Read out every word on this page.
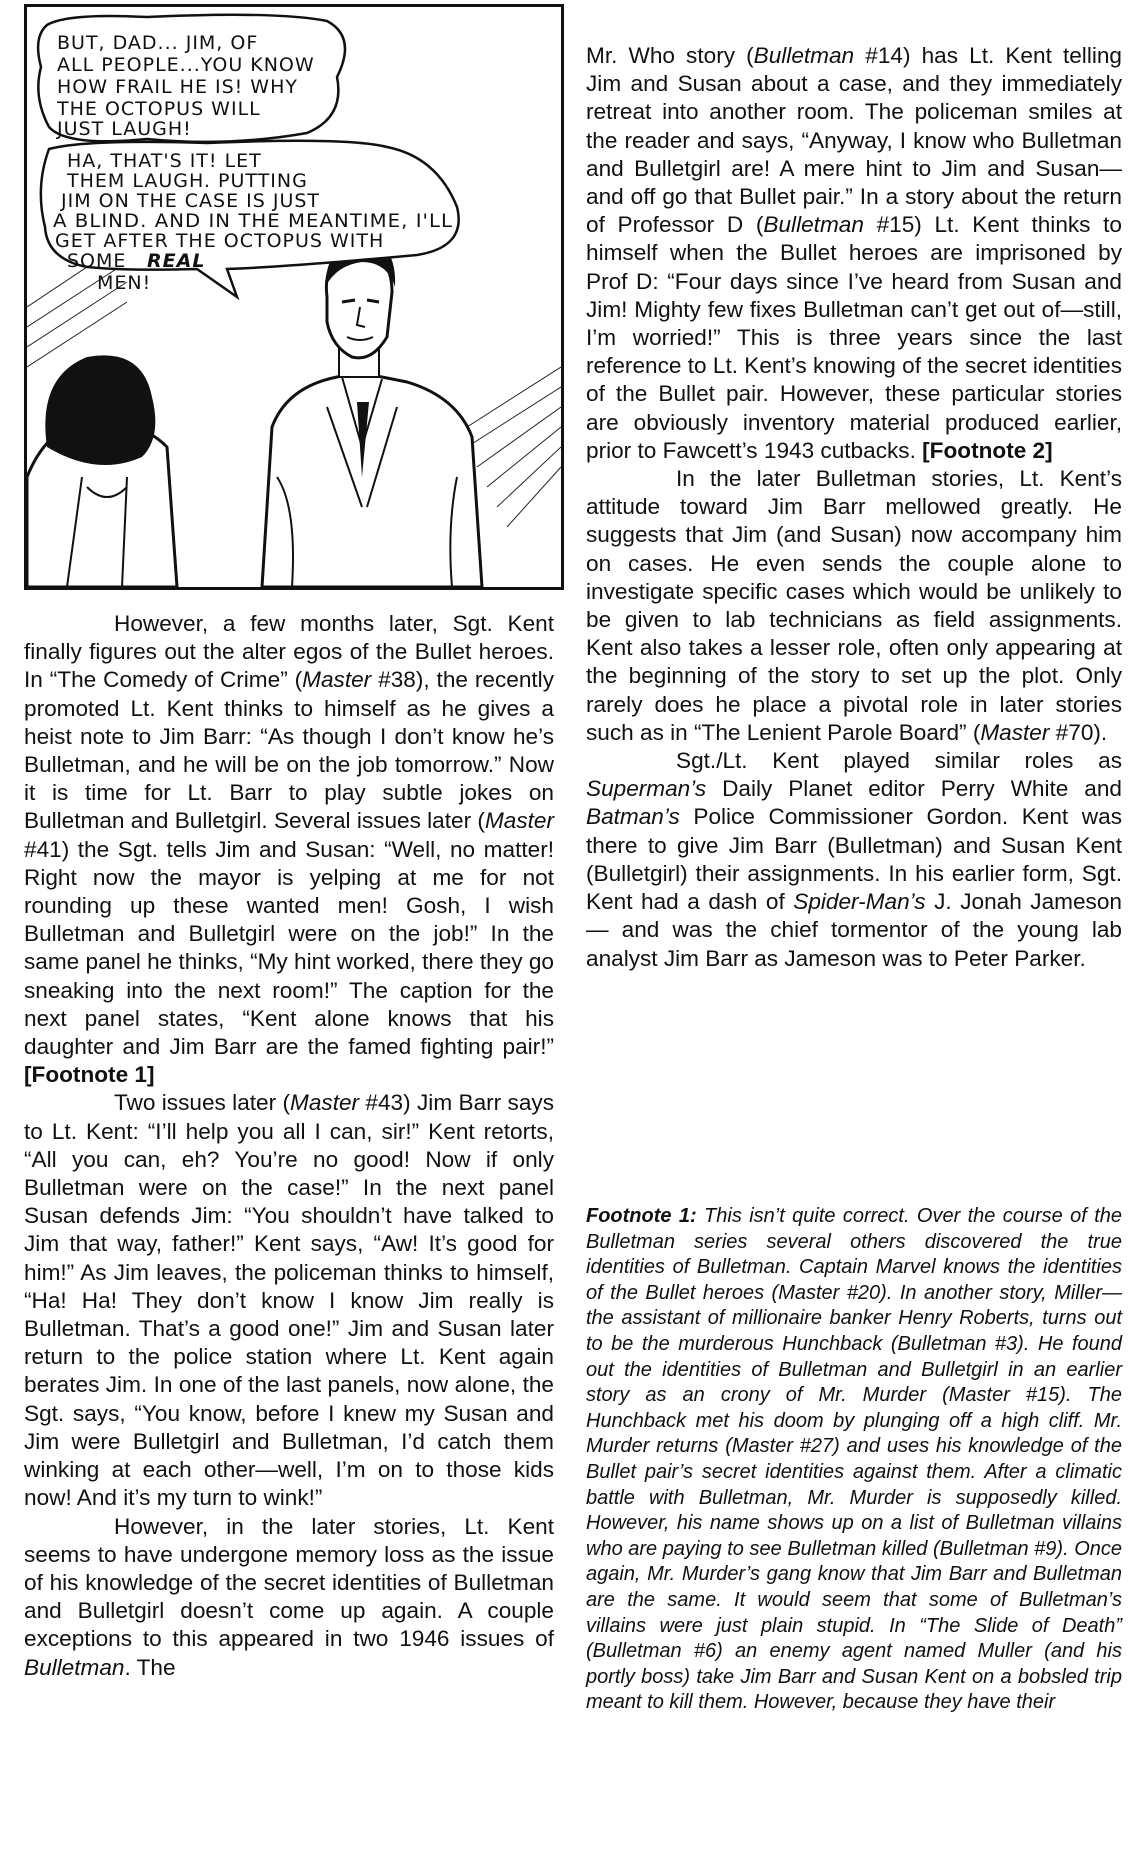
BUT, DAD... JIM, OF ALL PEOPLE...YOU KNOW HOW FRAIL HE IS! WHY THE OCTOPUS WILL JUST LAUGH!
HA, THAT'S IT! LET THEM LAUGH. PUTTING JIM ON THE CASE IS JUST A BLIND. AND IN THE MEANTIME, I'LL GET AFTER THE OCTOPUS WITH SOME REAL MEN!

However, a few months later, Sgt. Kent finally figures out the alter egos of the Bullet heroes. In “The Comedy of Crime” (Master #38), the recently promoted Lt. Kent thinks to himself as he gives a heist note to Jim Barr: “As though I don’t know he’s Bulletman, and he will be on the job tomorrow.” Now it is time for Lt. Barr to play subtle jokes on Bulletman and Bulletgirl. Several issues later (Master #41) the Sgt. tells Jim and Susan: “Well, no matter! Right now the mayor is yelping at me for not rounding up these wanted men! Gosh, I wish Bulletman and Bulletgirl were on the job!” In the same panel he thinks, “My hint worked, there they go sneaking into the next room!” The caption for the next panel states, “Kent alone knows that his daughter and Jim Barr are the famed fighting pair!” [Footnote 1]

Two issues later (Master #43) Jim Barr says to Lt. Kent: “I’ll help you all I can, sir!” Kent retorts, “All you can, eh? You’re no good! Now if only Bulletman were on the case!” In the next panel Susan defends Jim: “You shouldn’t have talked to Jim that way, father!” Kent says, “Aw! It’s good for him!” As Jim leaves, the policeman thinks to himself, “Ha! Ha! They don’t know I know Jim really is Bulletman. That’s a good one!” Jim and Susan later return to the police station where Lt. Kent again berates Jim. In one of the last panels, now alone, the Sgt. says, “You know, before I knew my Susan and Jim were Bulletgirl and Bulletman, I’d catch them winking at each other—well, I’m on to those kids now! And it’s my turn to wink!”

However, in the later stories, Lt. Kent seems to have undergone memory loss as the issue of his knowledge of the secret identities of Bulletman and Bulletgirl doesn’t come up again. A couple exceptions to this appeared in two 1946 issues of Bulletman. The

Mr. Who story (Bulletman #14) has Lt. Kent telling Jim and Susan about a case, and they immediately retreat into another room. The policeman smiles at the reader and says, “Anyway, I know who Bulletman and Bulletgirl are! A mere hint to Jim and Susan—and off go that Bullet pair.” In a story about the return of Professor D (Bulletman #15) Lt. Kent thinks to himself when the Bullet heroes are imprisoned by Prof D: “Four days since I’ve heard from Susan and Jim! Mighty few fixes Bulletman can’t get out of—still, I’m worried!” This is three years since the last reference to Lt. Kent’s knowing of the secret identities of the Bullet pair. However, these particular stories are obviously inventory material produced earlier, prior to Fawcett’s 1943 cutbacks. [Footnote 2]

In the later Bulletman stories, Lt. Kent’s attitude toward Jim Barr mellowed greatly. He suggests that Jim (and Susan) now accompany him on cases. He even sends the couple alone to investigate specific cases which would be unlikely to be given to lab technicians as field assignments. Kent also takes a lesser role, often only appearing at the beginning of the story to set up the plot. Only rarely does he place a pivotal role in later stories such as in “The Lenient Parole Board” (Master #70).

Sgt./Lt. Kent played similar roles as Superman’s Daily Planet editor Perry White and Batman’s Police Commissioner Gordon. Kent was there to give Jim Barr (Bulletman) and Susan Kent (Bulletgirl) their assignments. In his earlier form, Sgt. Kent had a dash of Spider-Man’s J. Jonah Jameson — and was the chief tormentor of the young lab analyst Jim Barr as Jameson was to Peter Parker.

Footnote 1: This isn’t quite correct. Over the course of the Bulletman series several others discovered the true identities of Bulletman. Captain Marvel knows the identities of the Bullet heroes (Master #20). In another story, Miller—the assistant of millionaire banker Henry Roberts, turns out to be the murderous Hunchback (Bulletman #3). He found out the identities of Bulletman and Bulletgirl in an earlier story as an crony of Mr. Murder (Master #15). The Hunchback met his doom by plunging off a high cliff. Mr. Murder returns (Master #27) and uses his knowledge of the Bullet pair’s secret identities against them. After a climatic battle with Bulletman, Mr. Murder is supposedly killed. However, his name shows up on a list of Bulletman villains who are paying to see Bulletman killed (Bulletman #9). Once again, Mr. Murder’s gang know that Jim Barr and Bulletman are the same. It would seem that some of Bulletman’s villains were just plain stupid. In “The Slide of Death” (Bulletman #6) an enemy agent named Muller (and his portly boss) take Jim Barr and Susan Kent on a bobsled trip meant to kill them. However, because they have their
